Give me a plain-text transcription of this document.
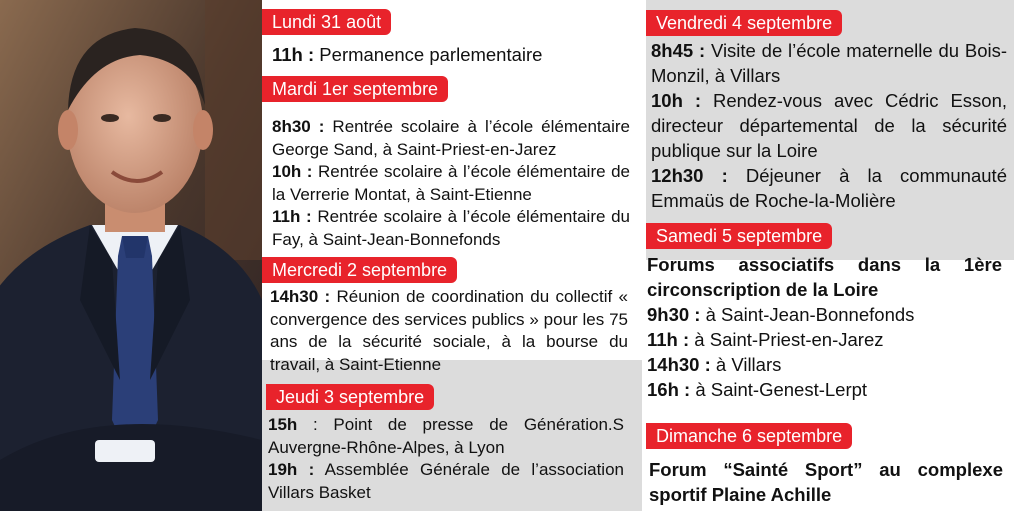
Lundi 31 août

11h : Permanence parlementaire

Mardi 1er septembre

8h30 : Rentrée scolaire à l’école élémentaire George Sand, à Saint-Priest-en-Jarez

10h : Rentrée scolaire à l’école élémentaire de la Verrerie Montat, à Saint-Etienne

11h : Rentrée scolaire à l’école élémentaire du Fay, à Saint-Jean-Bonnefonds

Mercredi 2 septembre

14h30 : Réunion de coordination du collectif « convergence des services publics » pour les 75 ans de la sécurité sociale, à la bourse du travail, à Saint-Etienne

Jeudi 3 septembre

15h : Point de presse de Génération.S Auvergne-Rhône-Alpes, à Lyon

19h : Assemblée Générale de l’association Villars Basket

Vendredi 4 septembre

8h45 : Visite de l’école maternelle du Bois-Monzil, à Villars

10h : Rendez-vous avec Cédric Esson, directeur départemental de la sécurité publique sur la Loire

12h30 : Déjeuner à la communauté Emmaüs de Roche-la-Molière

Samedi 5 septembre

Forums associatifs dans la 1ère circonscription de la Loire

9h30 : à Saint-Jean-Bonnefonds

11h : à Saint-Priest-en-Jarez

14h30 : à Villars

16h : à Saint-Genest-Lerpt

Dimanche 6 septembre

Forum “Sainté Sport” au complexe sportif Plaine Achille
